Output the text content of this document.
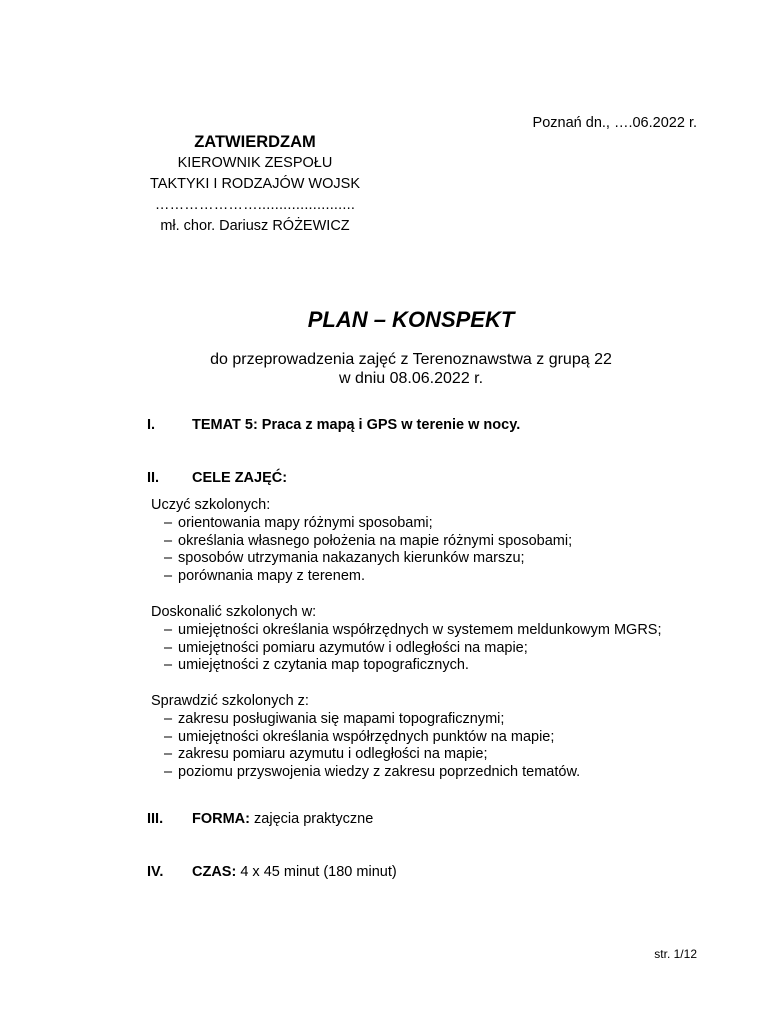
Poznań dn., ….06.2022 r.
ZATWIERDZAM
KIEROWNIK ZESPOŁU
TAKTYKI I RODZAJÓW WOJSK
………………….......................
mł. chor. Dariusz RÓŻEWICZ
PLAN – KONSPEKT
do przeprowadzenia zajęć z Terenoznawstwa z grupą 22
w dniu 08.06.2022 r.
I.	TEMAT 5: Praca z mapą i GPS w terenie w nocy.
II.	CELE ZAJĘĆ:
Uczyć szkolonych:
– orientowania mapy różnymi sposobami;
– określania własnego położenia na mapie różnymi sposobami;
– sposobów utrzymania nakazanych kierunków marszu;
– porównania mapy z terenem.
Doskonalić szkolonych w:
– umiejętności określania współrzędnych w systemem meldunkowym MGRS;
– umiejętności pomiaru azymutów i odległości na mapie;
– umiejętności z czytania map topograficznych.
Sprawdzić szkolonych z:
– zakresu posługiwania się mapami topograficznymi;
– umiejętności określania współrzędnych punktów na mapie;
– zakresu pomiaru azymutu i odległości na mapie;
– poziomu przyswojenia wiedzy z zakresu poprzednich tematów.
III.	FORMA: zajęcia praktyczne
IV.	CZAS: 4 x 45 minut (180 minut)
str. 1/12
